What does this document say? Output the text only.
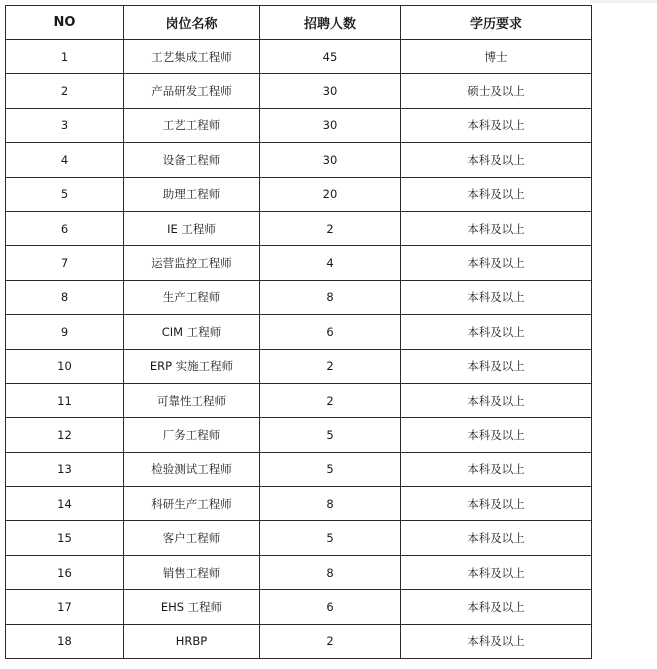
NO	岗位名称	招聘人数	学历要求
1	工艺集成工程师	45	博士
2	产品研发工程师	30	硕士及以上
3	工艺工程师	30	本科及以上
4	设备工程师	30	本科及以上
5	助理工程师	20	本科及以上
6	IE 工程师	2	本科及以上
7	运营监控工程师	4	本科及以上
8	生产工程师	8	本科及以上
9	CIM 工程师	6	本科及以上
10	ERP 实施工程师	2	本科及以上
11	可靠性工程师	2	本科及以上
12	厂务工程师	5	本科及以上
13	检验测试工程师	5	本科及以上
14	科研生产工程师	8	本科及以上
15	客户工程师	5	本科及以上
16	销售工程师	8	本科及以上
17	EHS 工程师	6	本科及以上
18	HRBP	2	本科及以上
